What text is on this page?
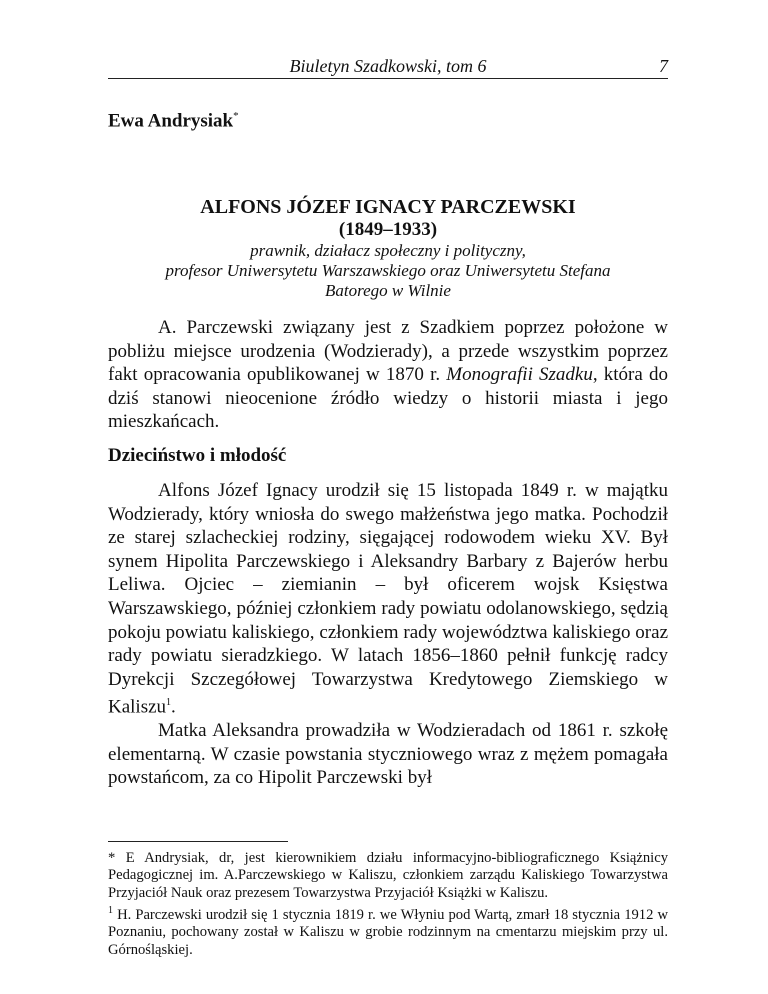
Biuletyn Szadkowski, tom 6	7
Ewa Andrysiak*
ALFONS JÓZEF IGNACY PARCZEWSKI
(1849–1933)
prawnik, działacz społeczny i polityczny,
profesor Uniwersytetu Warszawskiego oraz Uniwersytetu Stefana
Batorego w Wilnie

A. Parczewski związany jest z Szadkiem poprzez położone w pobliżu miejsce urodzenia (Wodzierady), a przede wszystkim poprzez fakt opracowania opublikowanej w 1870 r. Monografii Szadku, która do dziś stanowi nieocenione źródło wiedzy o historii miasta i jego mieszkańcach.

Dzieciństwo i młodość

Alfons Józef Ignacy urodził się 15 listopada 1849 r. w majątku Wodzierady, który wniosła do swego małżeństwa jego matka. Pochodził ze starej szlacheckiej rodziny, sięgającej rodowodem wieku XV. Był synem Hipolita Parczewskiego i Aleksandry Barbary z Bajerów herbu Leliwa. Ojciec – ziemianin – był oficerem wojsk Księstwa Warszawskiego, później członkiem rady powiatu odolanowskiego, sędzią pokoju powiatu kaliskiego, członkiem rady województwa kaliskiego oraz rady powiatu sieradzkiego. W latach 1856–1860 pełnił funkcję radcy Dyrekcji Szczegółowej Towarzystwa Kredytowego Ziemskiego w Kaliszu$^1$.

Matka Aleksandra prowadziła w Wodzieradach od 1861 r. szkołę elementarną. W czasie powstania styczniowego wraz z mężem pomagała powstańcom, za co Hipolit Parczewski był

* E Andrysiak, dr, jest kierownikiem działu informacyjno-bibliograficznego Książnicy Pedagogicznej im. A.Parczewskiego w Kaliszu, członkiem zarządu Kaliskiego Towarzystwa Przyjaciół Nauk oraz prezesem Towarzystwa Przyjaciół Książki w Kaliszu.

$^1$ H. Parczewski urodził się 1 stycznia 1819 r. we Włyniu pod Wartą, zmarł 18 stycznia 1912 w Poznaniu, pochowany został w Kaliszu w grobie rodzinnym na cmentarzu miejskim przy ul. Górnośląskiej.
